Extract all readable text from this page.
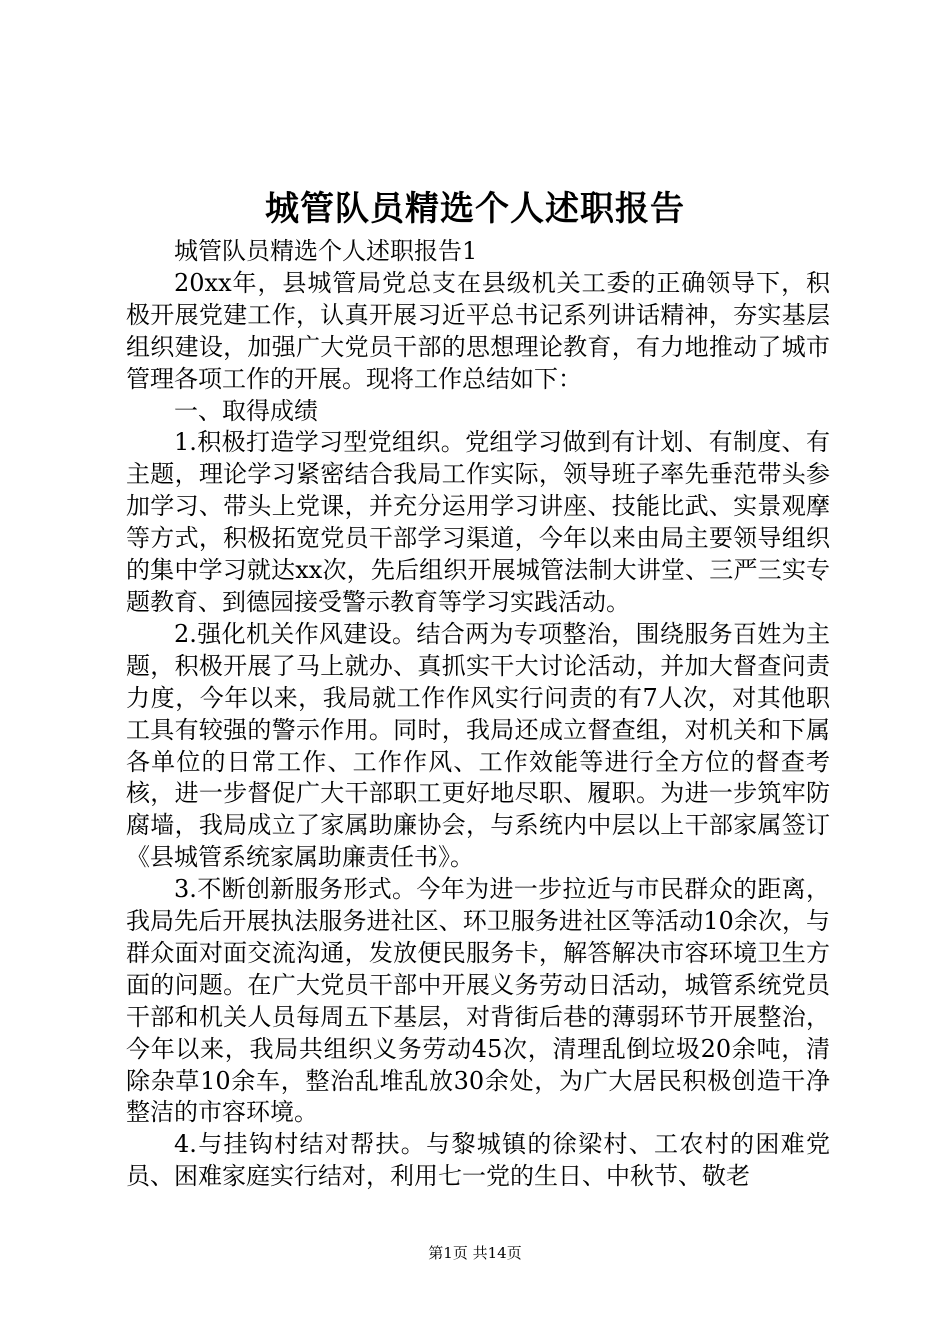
城管队员精选个人述职报告

城管队员精选个人述职报告1

20xx年，县城管局党总支在县级机关工委的正确领导下，积极开展党建工作，认真开展习近平总书记系列讲话精神，夯实基层组织建设，加强广大党员干部的思想理论教育，有力地推动了城市管理各项工作的开展。现将工作总结如下：

一、取得成绩

1.积极打造学习型党组织。党组学习做到有计划、有制度、有主题，理论学习紧密结合我局工作实际，领导班子率先垂范带头参加学习、带头上党课，并充分运用学习讲座、技能比武、实景观摩等方式，积极拓宽党员干部学习渠道，今年以来由局主要领导组织的集中学习就达xx次，先后组织开展城管法制大讲堂、三严三实专题教育、到德园接受警示教育等学习实践活动。

2.强化机关作风建设。结合两为专项整治，围绕服务百姓为主题，积极开展了马上就办、真抓实干大讨论活动，并加大督查问责力度，今年以来，我局就工作作风实行问责的有7人次，对其他职工具有较强的警示作用。同时，我局还成立督查组，对机关和下属各单位的日常工作、工作作风、工作效能等进行全方位的督查考核，进一步督促广大干部职工更好地尽职、履职。为进一步筑牢防腐墙，我局成立了家属助廉协会，与系统内中层以上干部家属签订《县城管系统家属助廉责任书》。

3.不断创新服务形式。今年为进一步拉近与市民群众的距离，我局先后开展执法服务进社区、环卫服务进社区等活动10余次，与群众面对面交流沟通，发放便民服务卡，解答解决市容环境卫生方面的问题。在广大党员干部中开展义务劳动日活动，城管系统党员干部和机关人员每周五下基层，对背街后巷的薄弱环节开展整治，今年以来，我局共组织义务劳动45次，清理乱倒垃圾20余吨，清除杂草10余车，整治乱堆乱放30余处，为广大居民积极创造干净整洁的市容环境。

4.与挂钩村结对帮扶。与黎城镇的徐梁村、工农村的困难党员、困难家庭实行结对，利用七一党的生日、中秋节、敬老

第1页 共14页
